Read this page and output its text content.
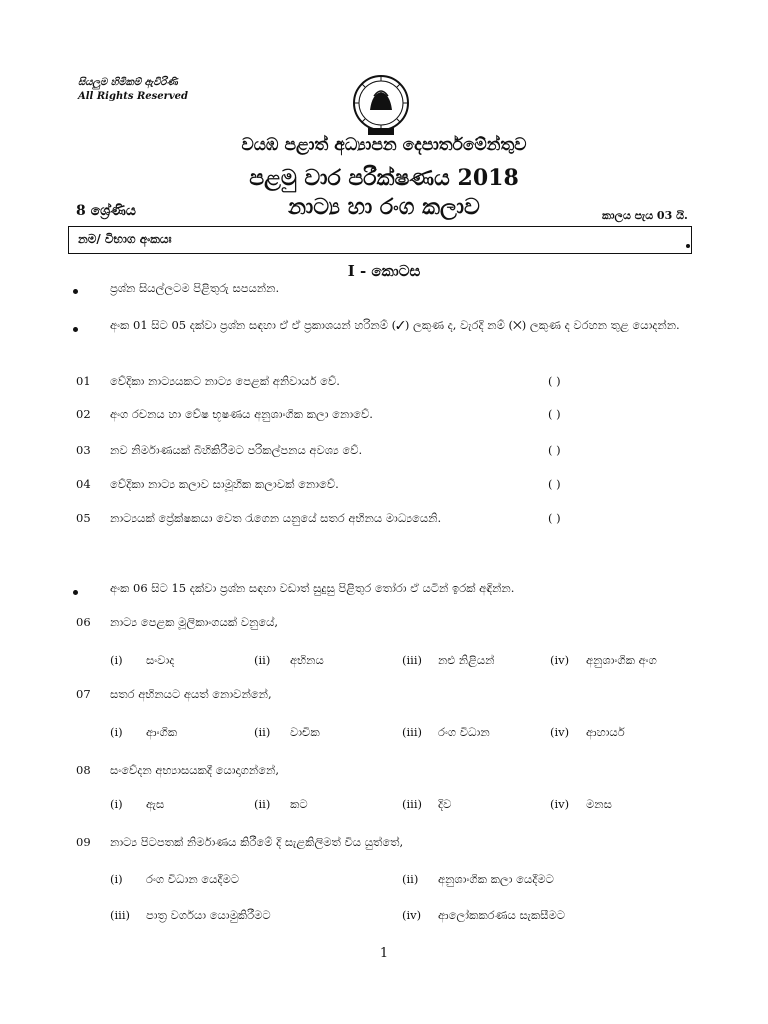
සියලුම හිමිකම් ඇවිරිණි
All Rights Reserved
වයඹ පළාත් අධ්‍යාපන දෙපාර්තමේන්තුව
පළමු වාර පරීක්ෂණය 2018
නාට්‍ය හා රංග කලාව
8 ශ්‍රේණිය	කාලය පැය 03 යි.
නම/ විභාග අංකයඃ
I - කොටස
ප්‍රශ්න සියල්ලටම පිළිතුරු සපයන්න.
අංක 01 සිට 05 දක්වා ප්‍රශ්න සඳහා ඒ ඒ ප්‍රකාශයන් හරිනම් (✓) ලකුණ ද, වැරදි නම් (✕) ලකුණ ද වරහන තුළ යොදන්න.
01 වේදිකා නාට්‍යයකට නාට්‍ය පෙළක් අනිවාර්ය වේ.	( )
02 අංග රචනය හා වේෂ භූෂණය අනුශාංගික කලා නොවේ.	( )
03 නව නිර්මාණයක් බිහිකිරීමට පරිකල්පනය අවශ්‍ය වේ.	( )
04 වේදිකා නාට්‍ය කලාව සාමූහික කලාවක් නොවේ.	( )
05 නාට්‍යයක් ප්‍රේක්ෂකයා වෙත රැගෙන යනුයේ සතර අභිනය මාධ්‍යයෙනි.	( )
අංක 06 සිට 15 දක්වා ප්‍රශ්න සඳහා වඩාත් සුදුසු පිළිතුර තෝරා ඒ යටින් ඉරක් අඳින්න.
06 නාට්‍ය පෙළක මූලිකාංගයක් වනුයේ,
(i) සංවාද	(ii) අභිනය	(iii) නළු නිළියන්	(iv) අනුශාංගික අංග
07 සතර අභිනයට අයත් නොවන්නේ,
(i) ආංගික	(ii) වාචික	(iii) රංග විධාන	(iv) ආහාර්ය
08 සංවේදන අභ්‍යාසයකදී යොදාගන්නේ,
(i) ඇස	(ii) කට	(iii) දිව	(iv) මනස
09 නාට්‍ය පිටපතක් නිර්මාණය කිරීමේ දි සැළකිලිමත් විය යුත්තේ,
(i) රංග විධාන යෙදීමට	(ii) අනුශාංගික කලා යෙදීමට
(iii) පාත්‍ර වර්ගයා යොමුකිරීමට	(iv) ආලෝකකරණය සැකසීමට
1
